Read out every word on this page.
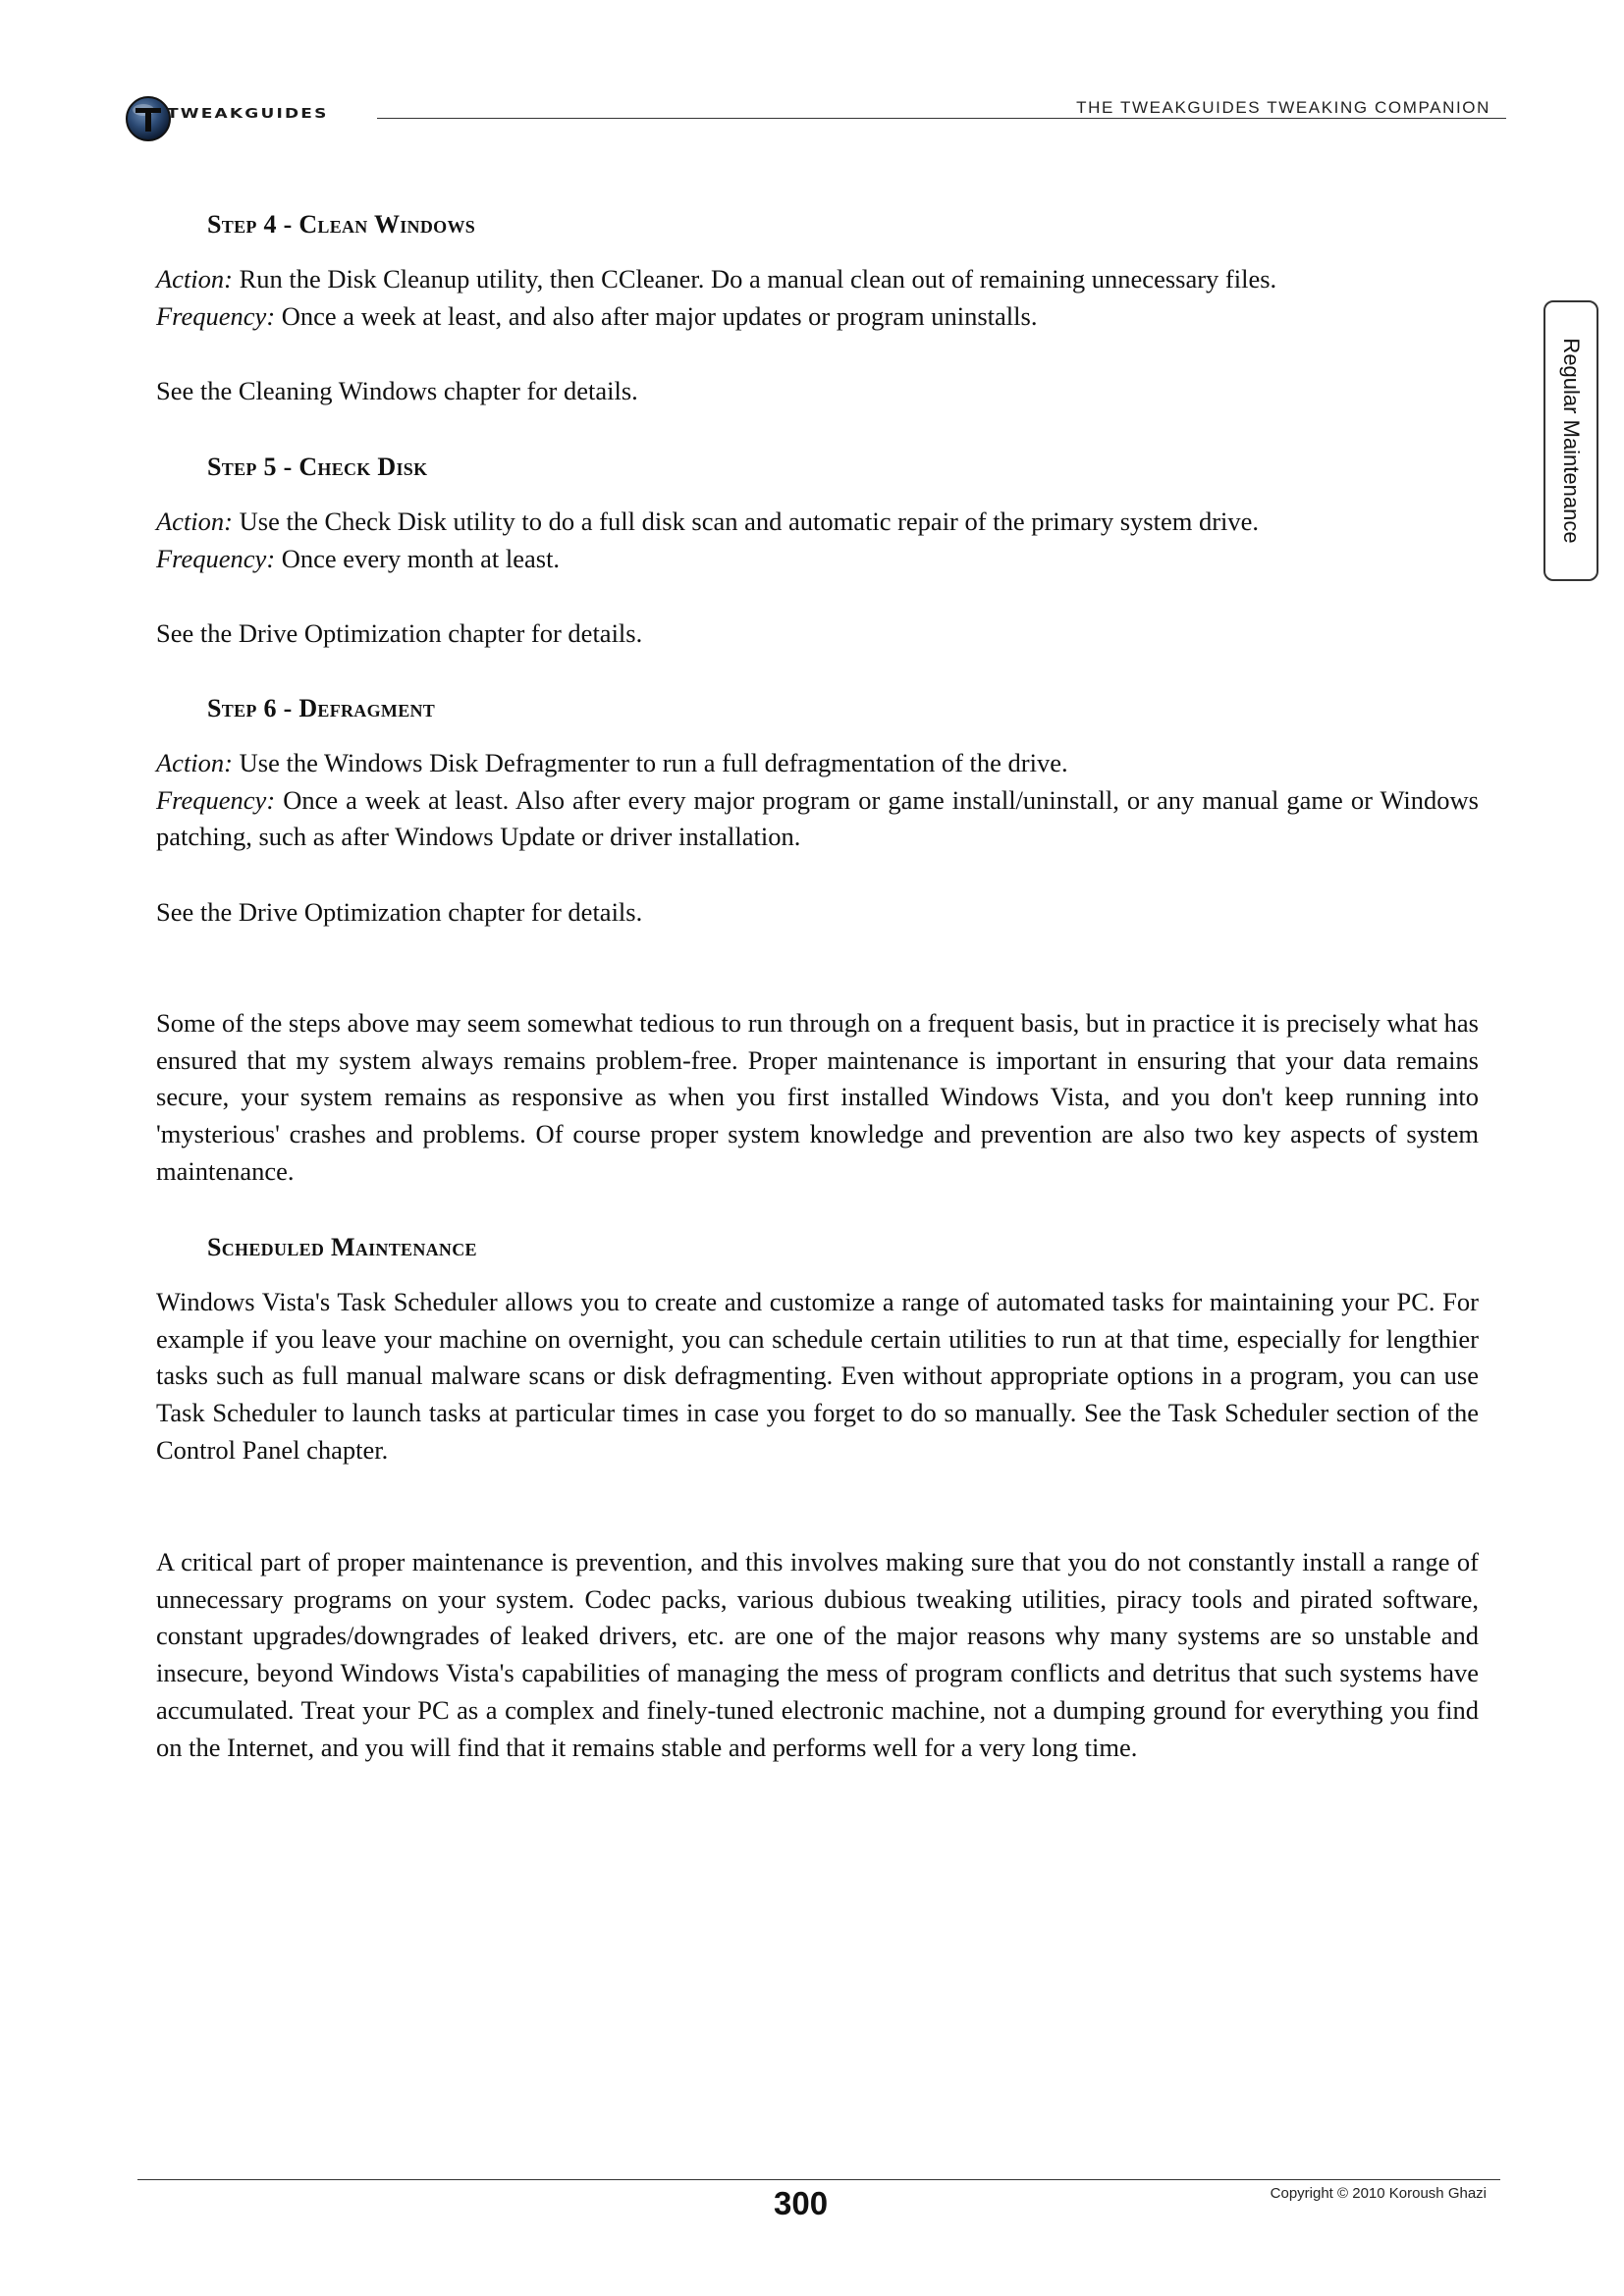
TWEAKGUIDES	THE TWEAKGUIDES TWEAKING COMPANION
Regular Maintenance
Step 4 - Clean Windows

Action: Run the Disk Cleanup utility, then CCleaner. Do a manual clean out of remaining unnecessary files.

Frequency: Once a week at least, and also after major updates or program uninstalls.

See the Cleaning Windows chapter for details.

Step 5 - Check Disk

Action: Use the Check Disk utility to do a full disk scan and automatic repair of the primary system drive.

Frequency: Once every month at least.

See the Drive Optimization chapter for details.

Step 6 - Defragment

Action: Use the Windows Disk Defragmenter to run a full defragmentation of the drive.

Frequency: Once a week at least. Also after every major program or game install/uninstall, or any manual game or Windows patching, such as after Windows Update or driver installation.

See the Drive Optimization chapter for details.

Some of the steps above may seem somewhat tedious to run through on a frequent basis, but in practice it is precisely what has ensured that my system always remains problem-free. Proper maintenance is important in ensuring that your data remains secure, your system remains as responsive as when you first installed Windows Vista, and you don't keep running into 'mysterious' crashes and problems. Of course proper system knowledge and prevention are also two key aspects of system maintenance.

Scheduled Maintenance

Windows Vista's Task Scheduler allows you to create and customize a range of automated tasks for maintaining your PC. For example if you leave your machine on overnight, you can schedule certain utilities to run at that time, especially for lengthier tasks such as full manual malware scans or disk defragmenting. Even without appropriate options in a program, you can use Task Scheduler to launch tasks at particular times in case you forget to do so manually. See the Task Scheduler section of the Control Panel chapter.

A critical part of proper maintenance is prevention, and this involves making sure that you do not constantly install a range of unnecessary programs on your system. Codec packs, various dubious tweaking utilities, piracy tools and pirated software, constant upgrades/downgrades of leaked drivers, etc. are one of the major reasons why many systems are so unstable and insecure, beyond Windows Vista's capabilities of managing the mess of program conflicts and detritus that such systems have accumulated. Treat your PC as a complex and finely-tuned electronic machine, not a dumping ground for everything you find on the Internet, and you will find that it remains stable and performs well for a very long time.

300	Copyright © 2010 Koroush Ghazi
